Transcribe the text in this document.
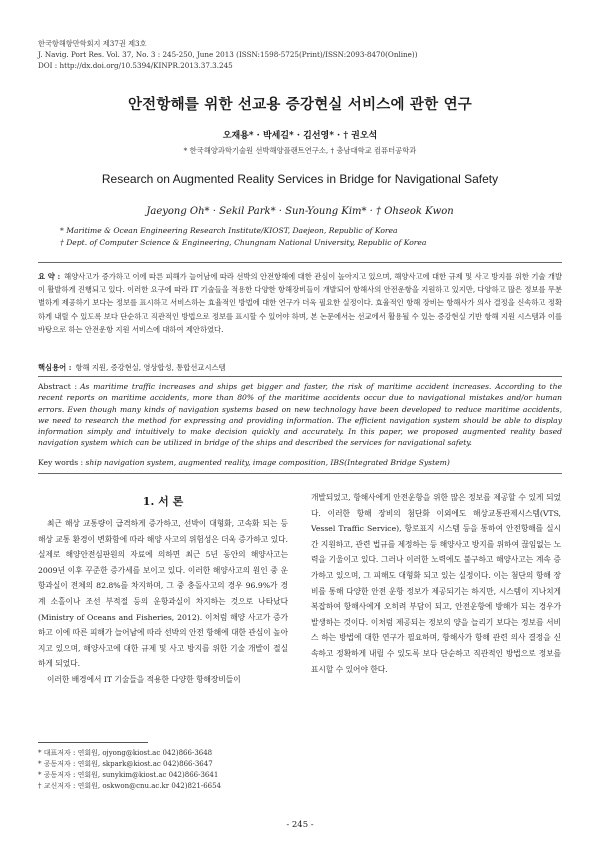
한국항해항만학회지 제37권 제3호
J. Navig. Port Res. Vol. 37, No. 3 : 245-250, June 2013 (ISSN:1598-5725(Print)/ISSN:2093-8470(Online))
DOI : http://dx.doi.org/10.5394/KINPR.2013.37.3.245
안전항해를 위한 선교용 증강현실 서비스에 관한 연구
오재용* · 박세길* · 김선영* · † 권오석
* 한국해양과학기술원 선박해양플랜트연구소, † 충남대학교 컴퓨터공학과
Research on Augmented Reality Services in Bridge for Navigational Safety
Jaeyong Oh* · Sekil Park* · Sun-Young Kim* · † Ohseok Kwon
* Maritime & Ocean Engineering Research Institute/KIOST, Daejeon, Republic of Korea
† Dept. of Computer Science & Engineering, Chungnam National University, Republic of Korea
요 약 : 해양사고가 증가하고 이에 따른 피해가 늘어남에 따라 선박의 안전항해에 대한 관심이 높아지고 있으며, 해양사고에 대한 규제 및 사고 방지를 위한 기술 개발이 활발하게 진행되고 있다. 이러한 요구에 따라 IT 기술들을 적용한 다양한 항해장비들이 개발되어 항해사의 안전운항을 지원하고 있지만, 다양하고 많은 정보를 무분별하게 제공하기 보다는 정보를 표시하고 서비스하는 효율적인 방법에 대한 연구가 더욱 필요한 실정이다. 효율적인 항해 장비는 항해사가 의사 결정을 신속하고 정확하게 내릴 수 있도록 보다 단순하고 직관적인 방법으로 정보를 표시할 수 있어야 하며, 본 논문에서는 선교에서 활용될 수 있는 증강현실 기반 항해 지원 시스템과 이를 바탕으로 하는 안전운항 지원 서비스에 대하여 제안하였다.
핵심용어 : 항해 지원, 증강현실, 영상합성, 통합선교시스템
Abstract : As maritime traffic increases and ships get bigger and faster, the risk of maritime accident increases. According to the recent reports on maritime accidents, more than 80% of the maritime accidents occur due to navigational mistakes and/or human errors. Even though many kinds of navigation systems based on new technology have been developed to reduce maritime accidents, we need to research the method for expressing and providing information. The efficient navigation system should be able to display information simply and intuitively to make decision quickly and accurately. In this paper, we proposed augmented reality based navigation system which can be utilized in bridge of the ships and described the services for navigational safety.
Key words : ship navigation system, augmented reality, image composition, IBS(Integrated Bridge System)
1. 서 론
최근 해상 교통량이 급격하게 증가하고, 선박이 대형화, 고속화 되는 등 해상 교통 환경이 변화함에 따라 해양 사고의 위험성은 더욱 증가하고 있다. 실제로 해양안전심판원의 자료에 의하면 최근 5년 동안의 해양사고는 2009년 이후 꾸준한 증가세를 보이고 있다. 이러한 해양사고의 원인 중 운항과실이 전체의 82.8%를 차지하며, 그 중 충돌사고의 경우 96.9%가 경계 소홀이나 조선 부적절 등의 운항과실이 차지하는 것으로 나타났다(Ministry of Oceans and Fisheries, 2012). 이처럼 해양 사고가 증가하고 이에 따른 피해가 늘어남에 따라 선박의 안전 항해에 대한 관심이 높아지고 있으며, 해양사고에 대한 규제 및 사고 방지를 위한 기술 개발이 절실하게 되었다.
이러한 배경에서 IT 기술들을 적용한 다양한 항해장비들이
개발되었고, 항해사에게 안전운항을 위한 많은 정보를 제공할 수 있게 되었다. 이러한 항해 장비의 첨단화 이외에도 해상교통관제시스템(VTS, Vessel Traffic Service), 항로표지 시스템 등을 통하여 안전항해를 실시간 지원하고, 관련 법규를 제정하는 등 해양사고 방지를 위하여 끊임없는 노력을 기울이고 있다. 그러나 이러한 노력에도 불구하고 해양사고는 계속 증가하고 있으며, 그 피해도 대형화 되고 있는 실정이다. 이는 첨단의 항해 장비를 통해 다양한 안전 운항 정보가 제공되기는 하지만, 시스템이 지나치게 복잡하여 항해사에게 오히려 부담이 되고, 안전운항에 방해가 되는 경우가 발생하는 것이다. 이처럼 제공되는 정보의 양을 늘리기 보다는 정보를 서비스 하는 방법에 대한 연구가 필요하며, 항해사가 항해 관련 의사 결정을 신속하고 정확하게 내릴 수 있도록 보다 단순하고 직관적인 방법으로 정보를 표시할 수 있어야 한다.
* 대표저자 : 연회원, ojyong@kiost.ac 042)866-3648
* 공동저자 : 연회원, skpark@kiost.ac 042)866-3647
* 공동저자 : 연회원, sunykim@kiost.ac 042)866-3641
† 교신저자 : 연회원, oskwon@cnu.ac.kr 042)821-6654
- 245 -
